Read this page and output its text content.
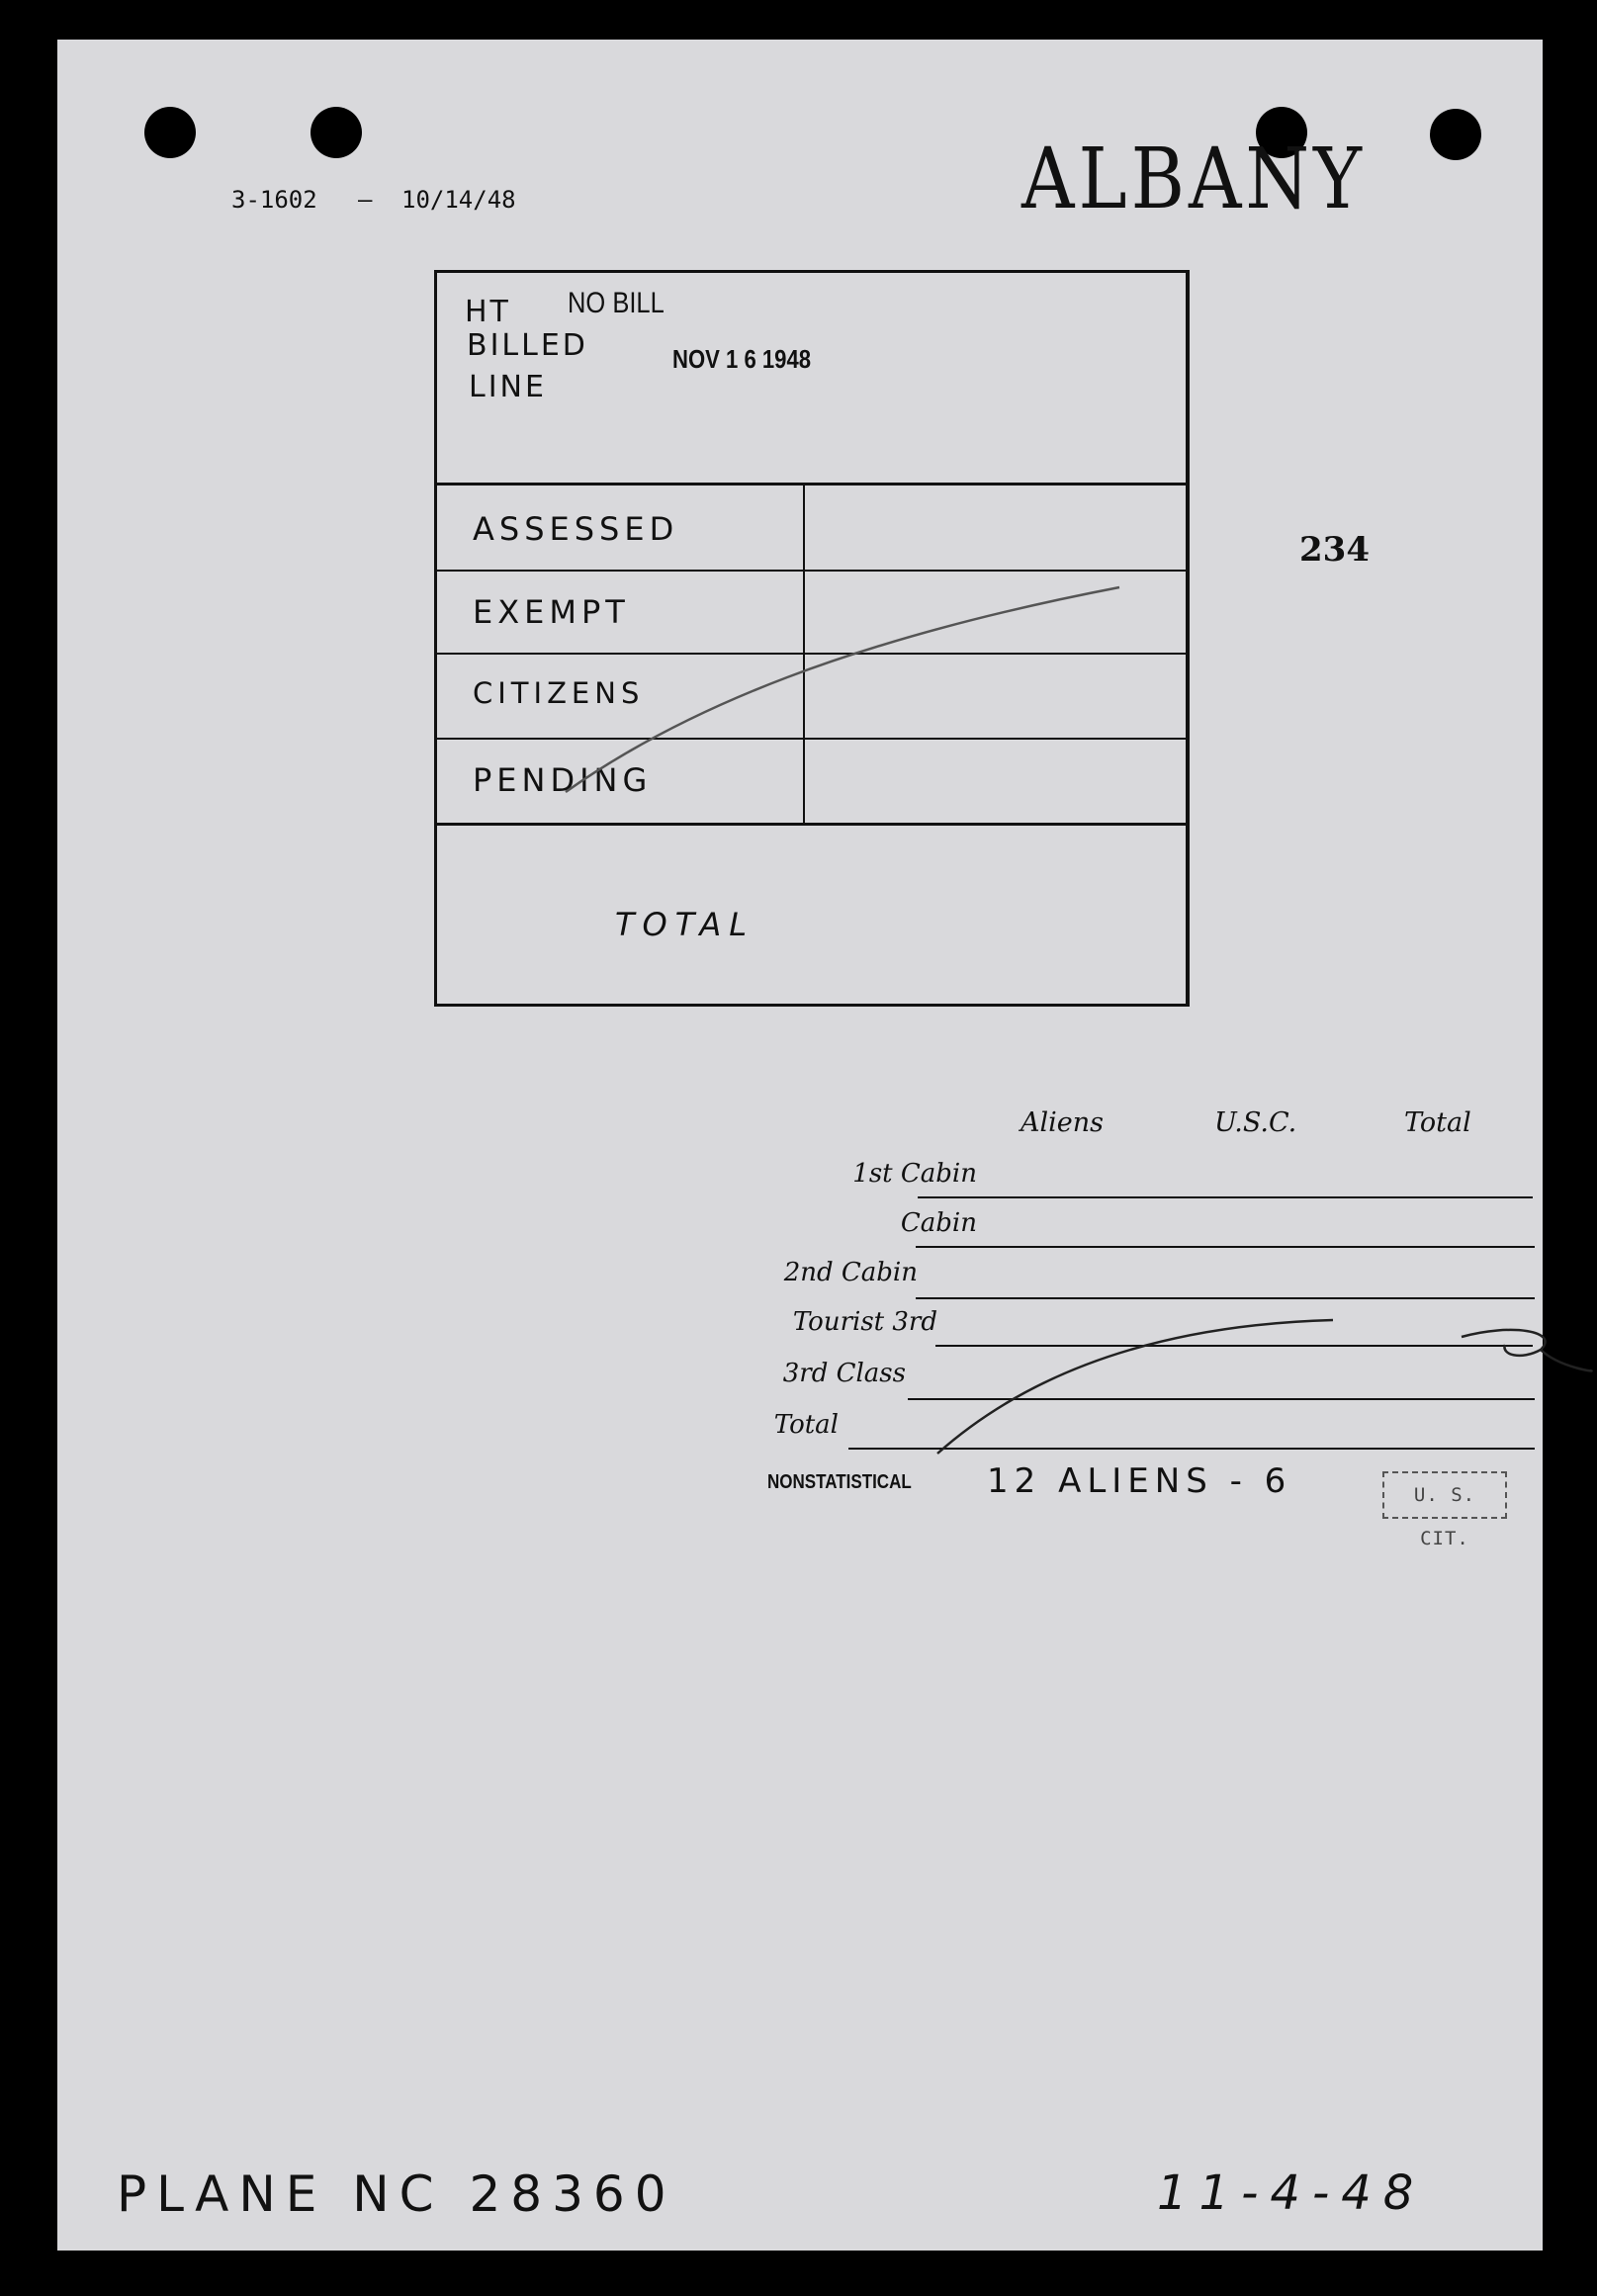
3-1602 — 10/14/48	ALBANY
HT
BILLED
LINE
NO BILL
NOV 1 6 1948
ASSESSED
EXEMPT
CITIZENS
PENDING
TOTAL
234
Aliens	U.S.C.	Total
1st Cabin
Cabin
2nd Cabin
Tourist 3rd
3rd Class
Total
NONSTATISTICAL 12 ALIENS - 6	U. S. CIT.
PLANE NC 28360	11-4-48
